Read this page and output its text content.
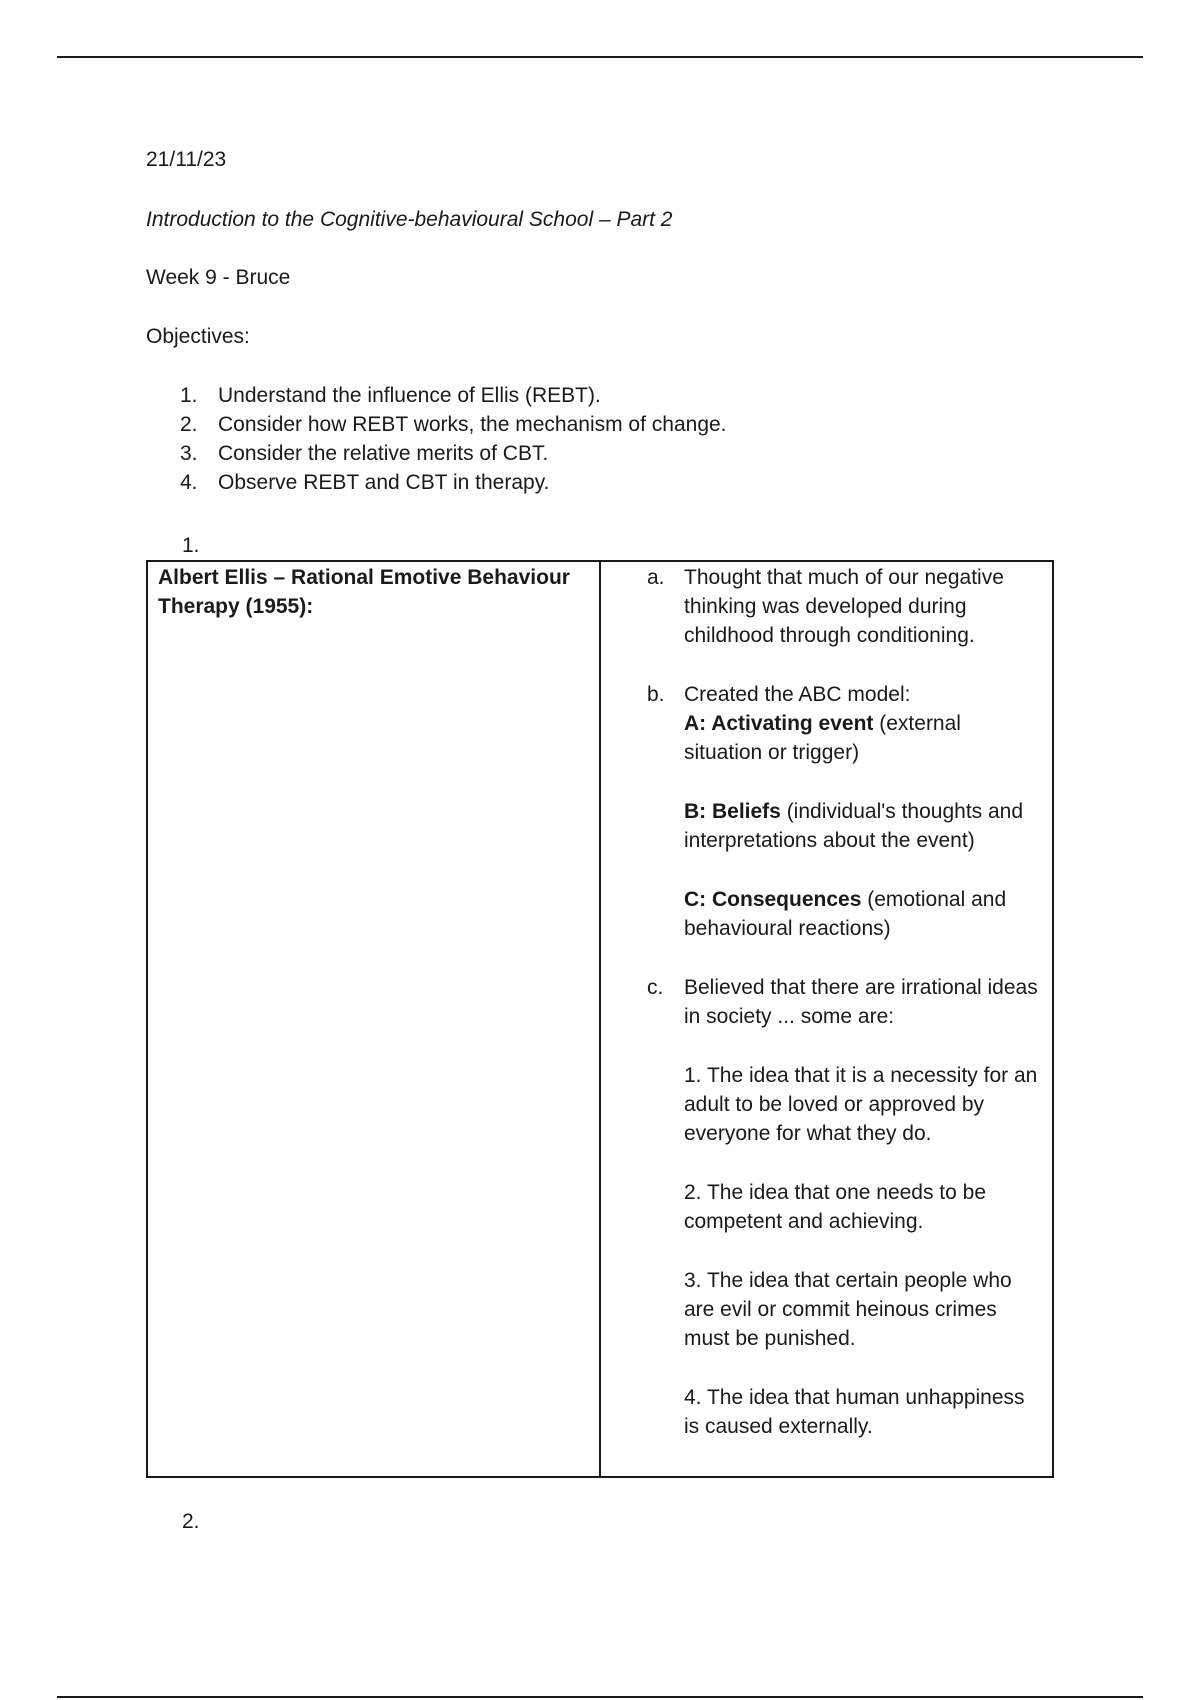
21/11/23

Introduction to the Cognitive-behavioural School – Part 2

Week 9 - Bruce

Objectives:

1. Understand the influence of Ellis (REBT).
2. Consider how REBT works, the mechanism of change.
3. Consider the relative merits of CBT.
4. Observe REBT and CBT in therapy.

1.

Albert Ellis – Rational Emotive Behaviour Therapy (1955):

a. Thought that much of our negative thinking was developed during childhood through conditioning.

b. Created the ABC model:
A: Activating event (external situation or trigger)

B: Beliefs (individual's thoughts and interpretations about the event)

C: Consequences (emotional and behavioural reactions)

c. Believed that there are irrational ideas in society ... some are:

1. The idea that it is a necessity for an adult to be loved or approved by everyone for what they do.

2. The idea that one needs to be competent and achieving.

3. The idea that certain people who are evil or commit heinous crimes must be punished.

4. The idea that human unhappiness is caused externally.

2.
